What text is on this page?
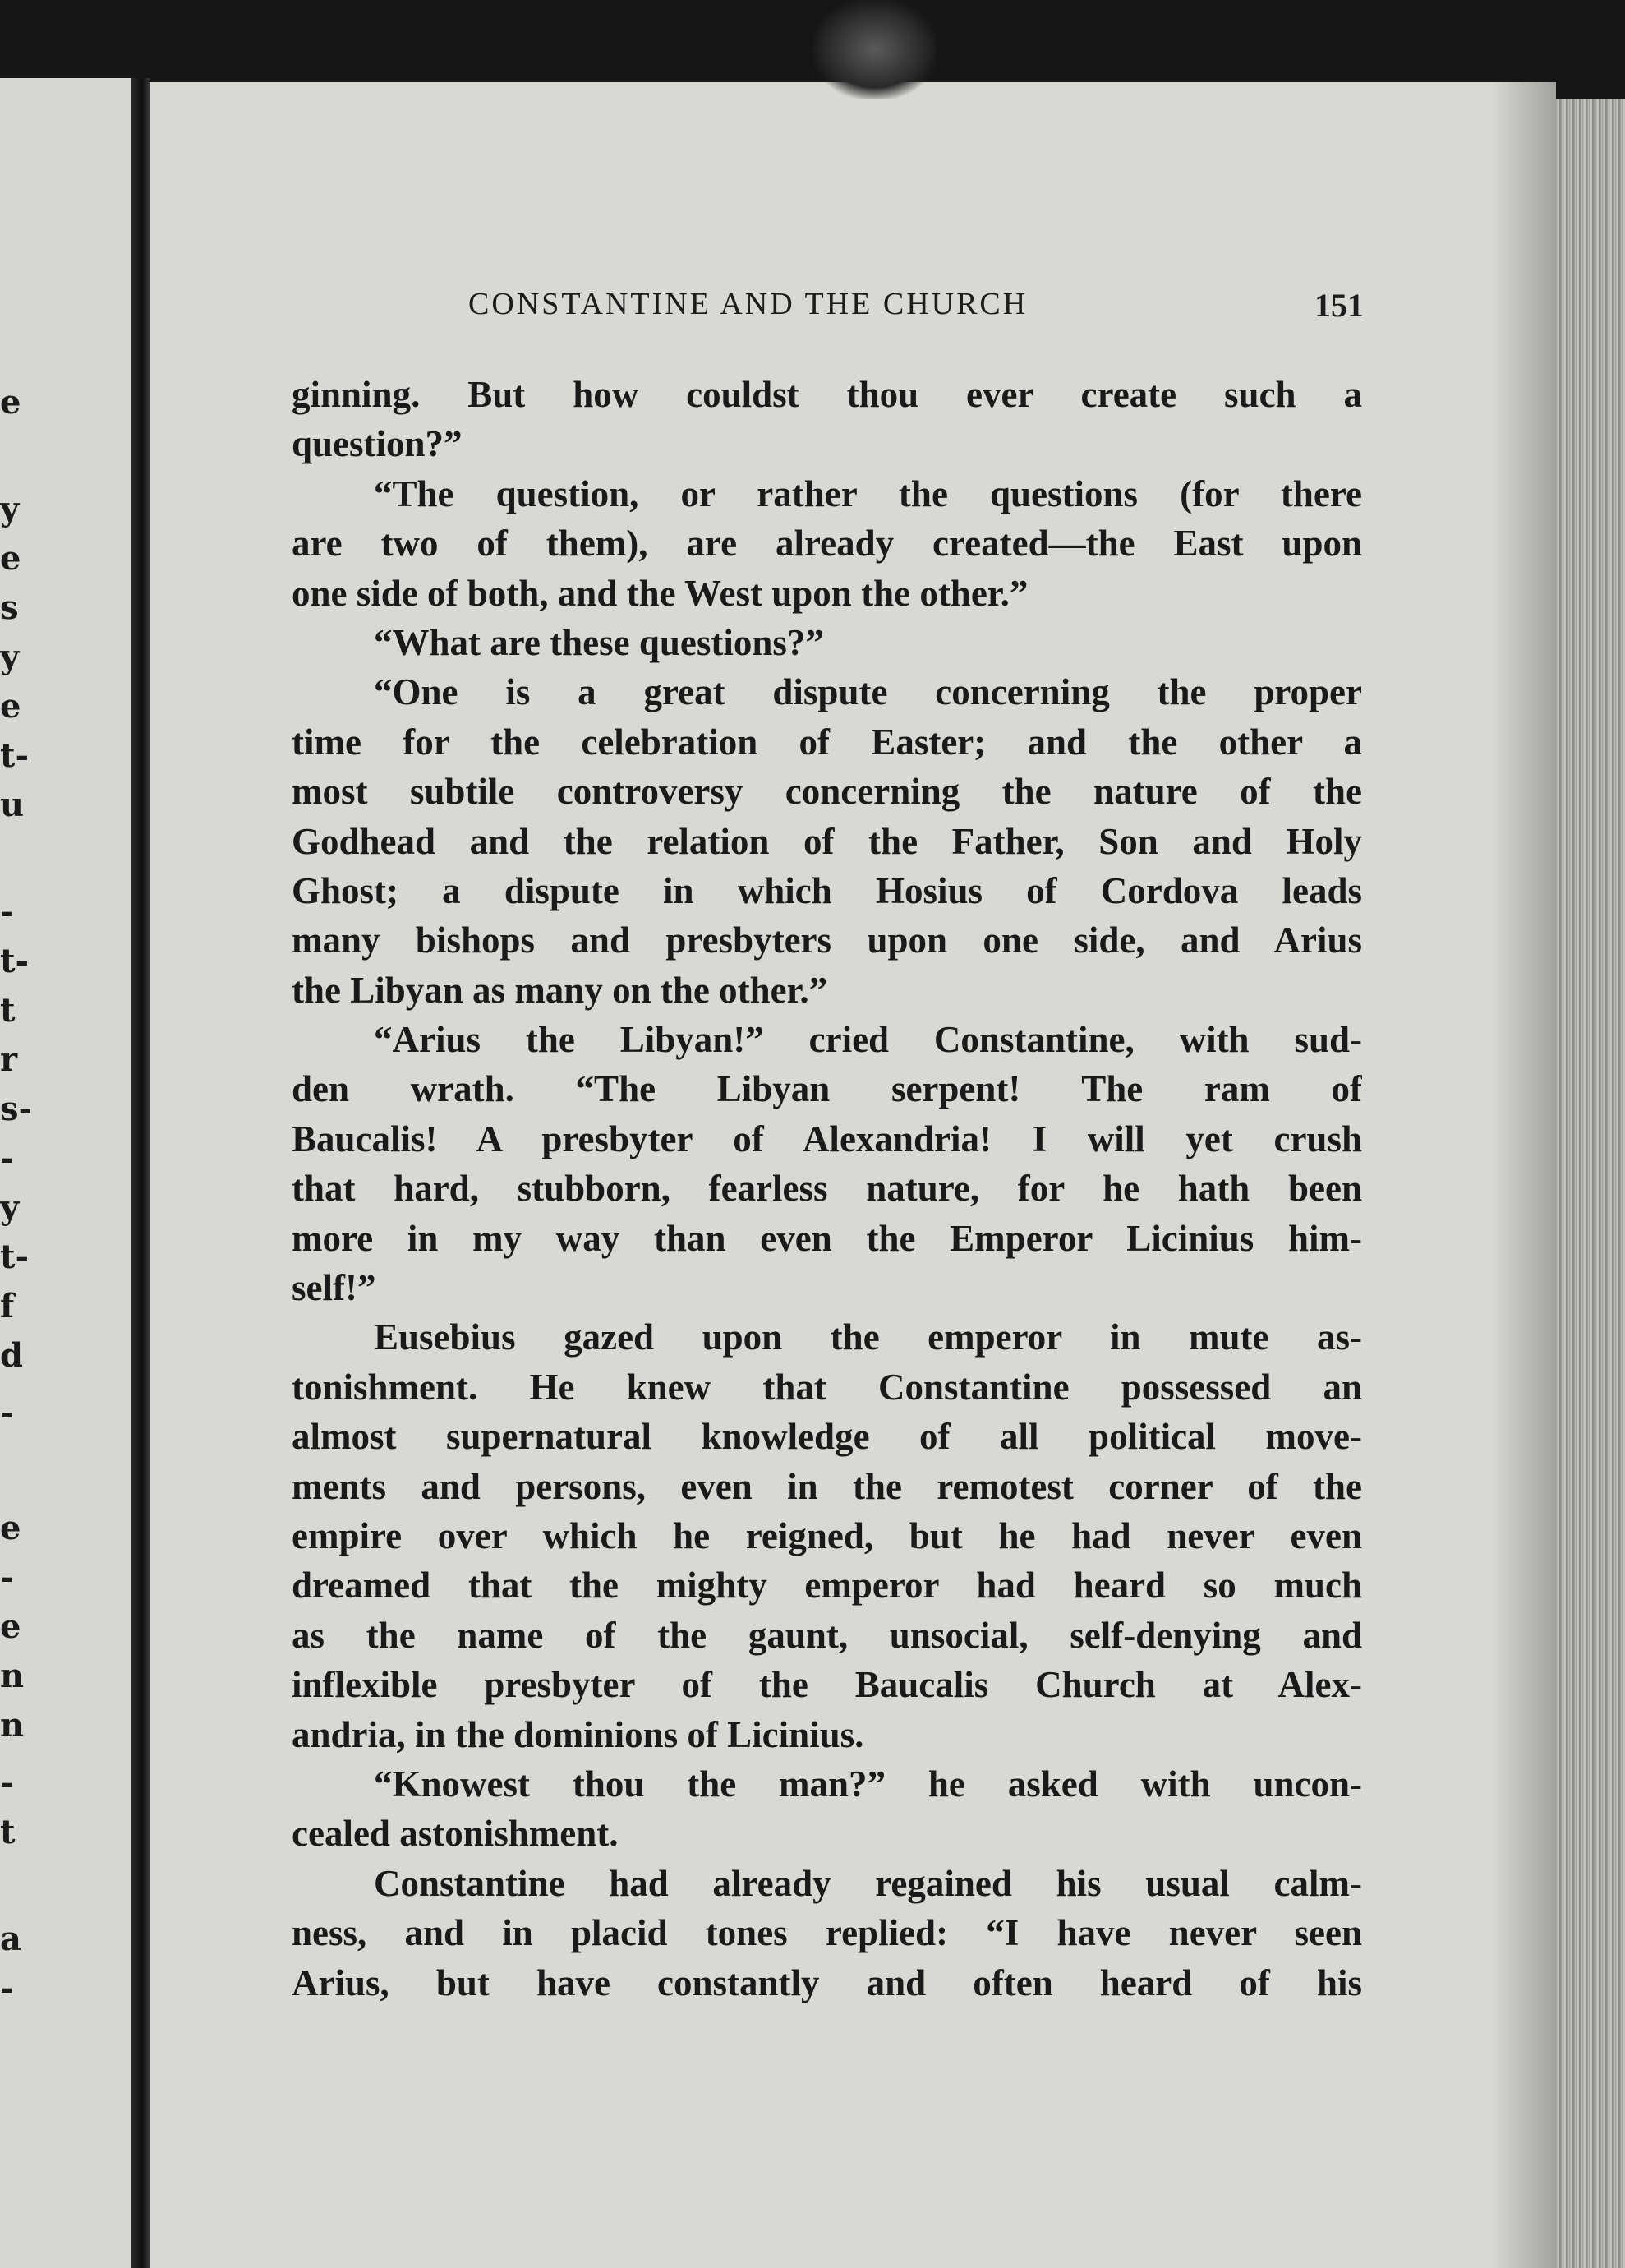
e
y
e
s
y
e
t-
u
-
t-
t
r
s-
-
y
t-
f
d
-
e
-
e
n
n
-
t
a
-
CONSTANTINE AND THE CHURCH	151
ginning. But how couldst thou ever create such a
question?”
“The question, or rather the questions (for there
are two of them), are already created—the East upon
one side of both, and the West upon the other.”
“What are these questions?”
“One is a great dispute concerning the proper
time for the celebration of Easter; and the other a
most subtile controversy concerning the nature of the
Godhead and the relation of the Father, Son and Holy
Ghost; a dispute in which Hosius of Cordova leads
many bishops and presbyters upon one side, and Arius
the Libyan as many on the other.”
“Arius the Libyan!” cried Constantine, with sud-
den wrath. “The Libyan serpent! The ram of
Baucalis! A presbyter of Alexandria! I will yet crush
that hard, stubborn, fearless nature, for he hath been
more in my way than even the Emperor Licinius him-
self!”
Eusebius gazed upon the emperor in mute as-
tonishment. He knew that Constantine possessed an
almost supernatural knowledge of all political move-
ments and persons, even in the remotest corner of the
empire over which he reigned, but he had never even
dreamed that the mighty emperor had heard so much
as the name of the gaunt, unsocial, self-denying and
inflexible presbyter of the Baucalis Church at Alex-
andria, in the dominions of Licinius.
“Knowest thou the man?” he asked with uncon-
cealed astonishment.
Constantine had already regained his usual calm-
ness, and in placid tones replied: “I have never seen
Arius, but have constantly and often heard of his
